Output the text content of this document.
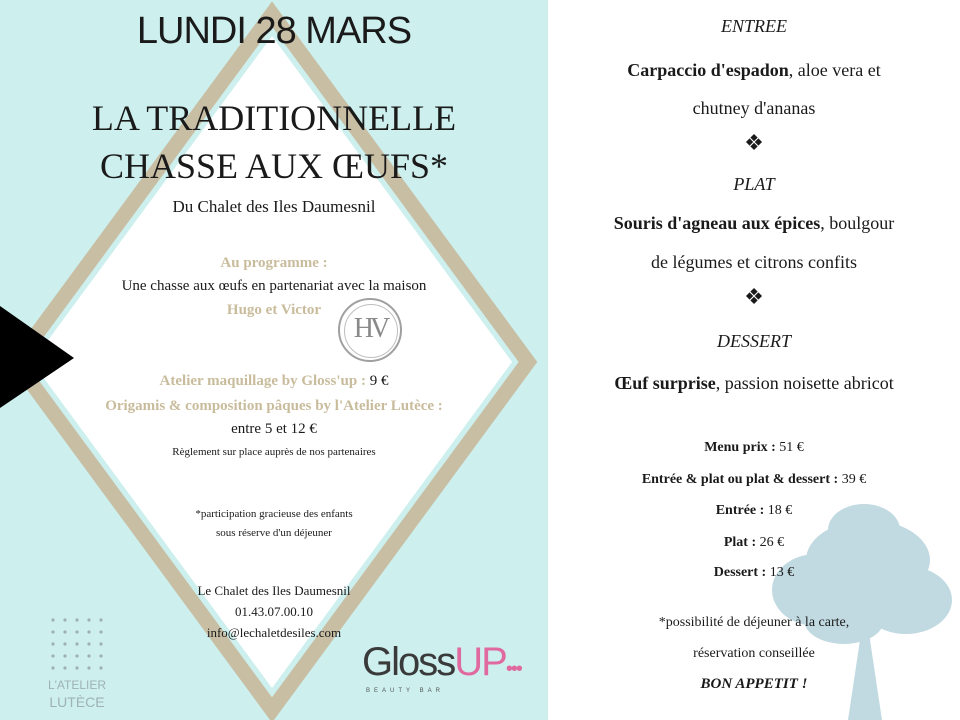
LUNDI 28 MARS
LA TRADITIONNELLE
CHASSE AUX ŒUFS*
Du Chalet des Iles Daumesnil
Au programme :
Une chasse aux œufs en partenariat avec la maison
Hugo et Victor
HV
Atelier maquillage by Gloss'up : 9 €
Origamis & composition pâques by l'Atelier Lutèce :
entre 5 et 12 €
Règlement sur place auprès de nos partenaires
*participation gracieuse des enfants
sous réserve d'un déjeuner
Le Chalet des Iles Daumesnil
01.43.07.00.10
info@lechaletdesiles.com
L'ATELIER
LUTÈCE
GlossUP•••
BEAUTY BAR
ENTREE
Carpaccio d'espadon, aloe vera et
chutney d'ananas
❖
PLAT
Souris d'agneau aux épices, boulgour
de légumes et citrons confits
❖
DESSERT
Œuf surprise, passion noisette abricot
Menu prix : 51 €
Entrée & plat ou plat & dessert : 39 €
Entrée : 18 €
Plat : 26 €
Dessert : 13 €
*possibilité de déjeuner à la carte,
réservation conseillée
BON APPETIT !
